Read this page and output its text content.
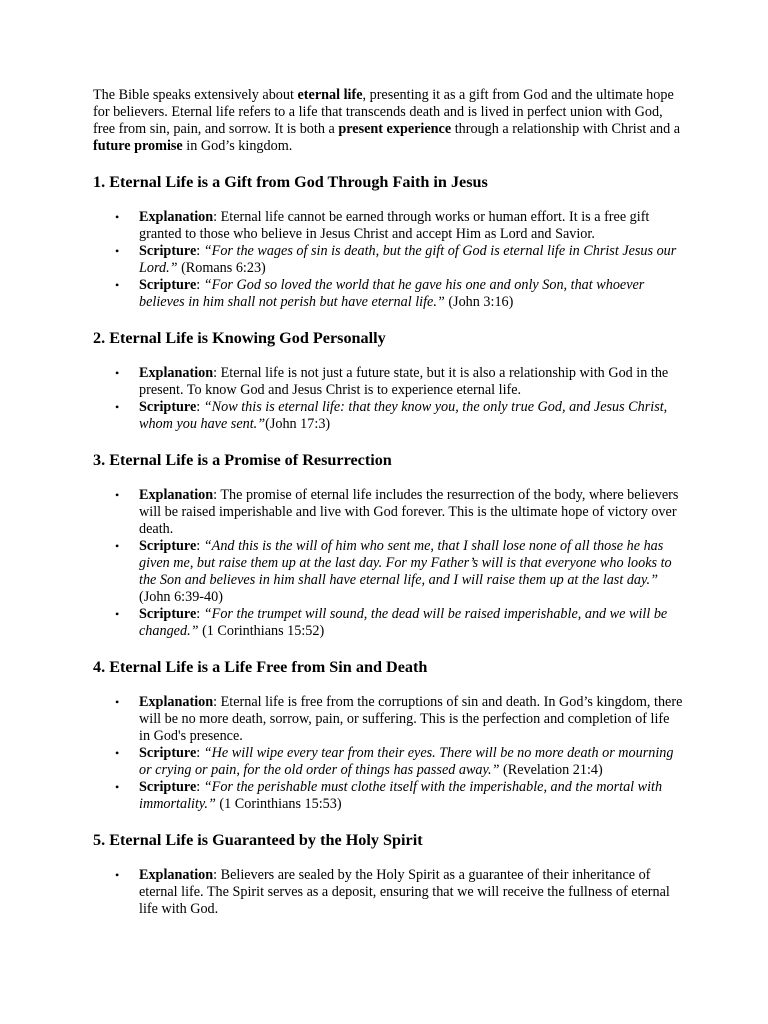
The Bible speaks extensively about eternal life, presenting it as a gift from God and the ultimate hope for believers. Eternal life refers to a life that transcends death and is lived in perfect union with God, free from sin, pain, and sorrow. It is both a present experience through a relationship with Christ and a future promise in God’s kingdom.

1. Eternal Life is a Gift from God Through Faith in Jesus
• Explanation: Eternal life cannot be earned through works or human effort. It is a free gift granted to those who believe in Jesus Christ and accept Him as Lord and Savior.
• Scripture: “For the wages of sin is death, but the gift of God is eternal life in Christ Jesus our Lord.” (Romans 6:23)
• Scripture: “For God so loved the world that he gave his one and only Son, that whoever believes in him shall not perish but have eternal life.” (John 3:16)
2. Eternal Life is Knowing God Personally
• Explanation: Eternal life is not just a future state, but it is also a relationship with God in the present. To know God and Jesus Christ is to experience eternal life.
• Scripture: “Now this is eternal life: that they know you, the only true God, and Jesus Christ, whom you have sent.”(John 17:3)
3. Eternal Life is a Promise of Resurrection
• Explanation: The promise of eternal life includes the resurrection of the body, where believers will be raised imperishable and live with God forever. This is the ultimate hope of victory over death.
• Scripture: “And this is the will of him who sent me, that I shall lose none of all those he has given me, but raise them up at the last day. For my Father’s will is that everyone who looks to the Son and believes in him shall have eternal life, and I will raise them up at the last day.” (John 6:39-40)
• Scripture: “For the trumpet will sound, the dead will be raised imperishable, and we will be changed.” (1 Corinthians 15:52)
4. Eternal Life is a Life Free from Sin and Death
• Explanation: Eternal life is free from the corruptions of sin and death. In God’s kingdom, there will be no more death, sorrow, pain, or suffering. This is the perfection and completion of life in God's presence.
• Scripture: “He will wipe every tear from their eyes. There will be no more death or mourning or crying or pain, for the old order of things has passed away.” (Revelation 21:4)
• Scripture: “For the perishable must clothe itself with the imperishable, and the mortal with immortality.” (1 Corinthians 15:53)
5. Eternal Life is Guaranteed by the Holy Spirit
• Explanation: Believers are sealed by the Holy Spirit as a guarantee of their inheritance of eternal life. The Spirit serves as a deposit, ensuring that we will receive the fullness of eternal life with God.
